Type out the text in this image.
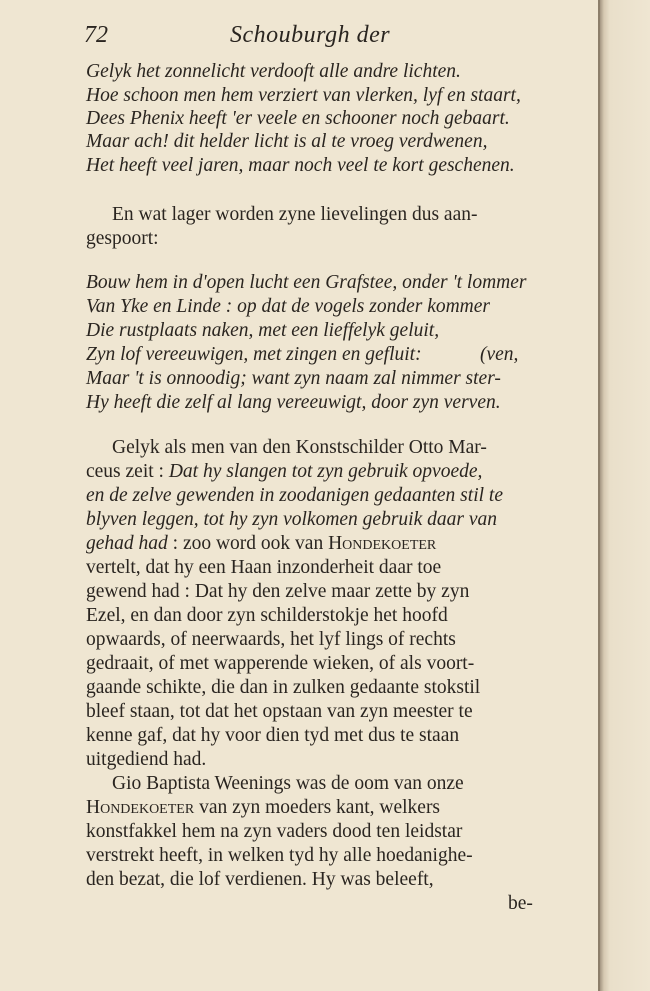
72	Schouburgh der
Gelyk het zonnelicht verdooft alle andre lichten.
Hoe schoon men hem verziert van vlerken, lyf en staart,
Dees Phenix heeft 'er veele en schooner noch gebaart.
Maar ach! dit helder licht is al te vroeg verdwenen,
Het heeft veel jaren, maar noch veel te kort geschenen.
En wat lager worden zyne lievelingen dus aan-
gespoort:
Bouw hem in d'open lucht een Grafstee, onder 't lommer
Van Yke en Linde : op dat de vogels zonder kommer
Die rustplaats naken, met een lieffelyk geluit,
Zyn lof vereeuwigen, met zingen en gefluit:	(ven,
Maar 't is onnoodig; want zyn naam zal nimmer ster-
Hy heeft die zelf al lang vereeuwigt, door zyn verven.
Gelyk als men van den Konstschilder Otto Mar-
ceus zeit : Dat hy slangen tot zyn gebruik opvoede,
en de zelve gewenden in zoodanigen gedaanten stil te
blyven leggen, tot hy zyn volkomen gebruik daar van
gehad had : zoo word ook van Hondekoeter
vertelt, dat hy een Haan inzonderheit daar toe
gewend had : Dat hy den zelve maar zette by zyn
Ezel, en dan door zyn schilderstokje het hoofd
opwaards, of neerwaards, het lyf lings of rechts
gedraait, of met wapperende wieken, of als voort-
gaande schikte, die dan in zulken gedaante stokstil
bleef staan, tot dat het opstaan van zyn meester te
kenne gaf, dat hy voor dien tyd met dus te staan
uitgediend had.
Gio Baptista Weenings was de oom van onze
Hondekoeter van zyn moeders kant, welkers
konstfakkel hem na zyn vaders dood ten leidstar
verstrekt heeft, in welken tyd hy alle hoedanighe-
den bezat, die lof verdienen. Hy was beleeft,
be-
